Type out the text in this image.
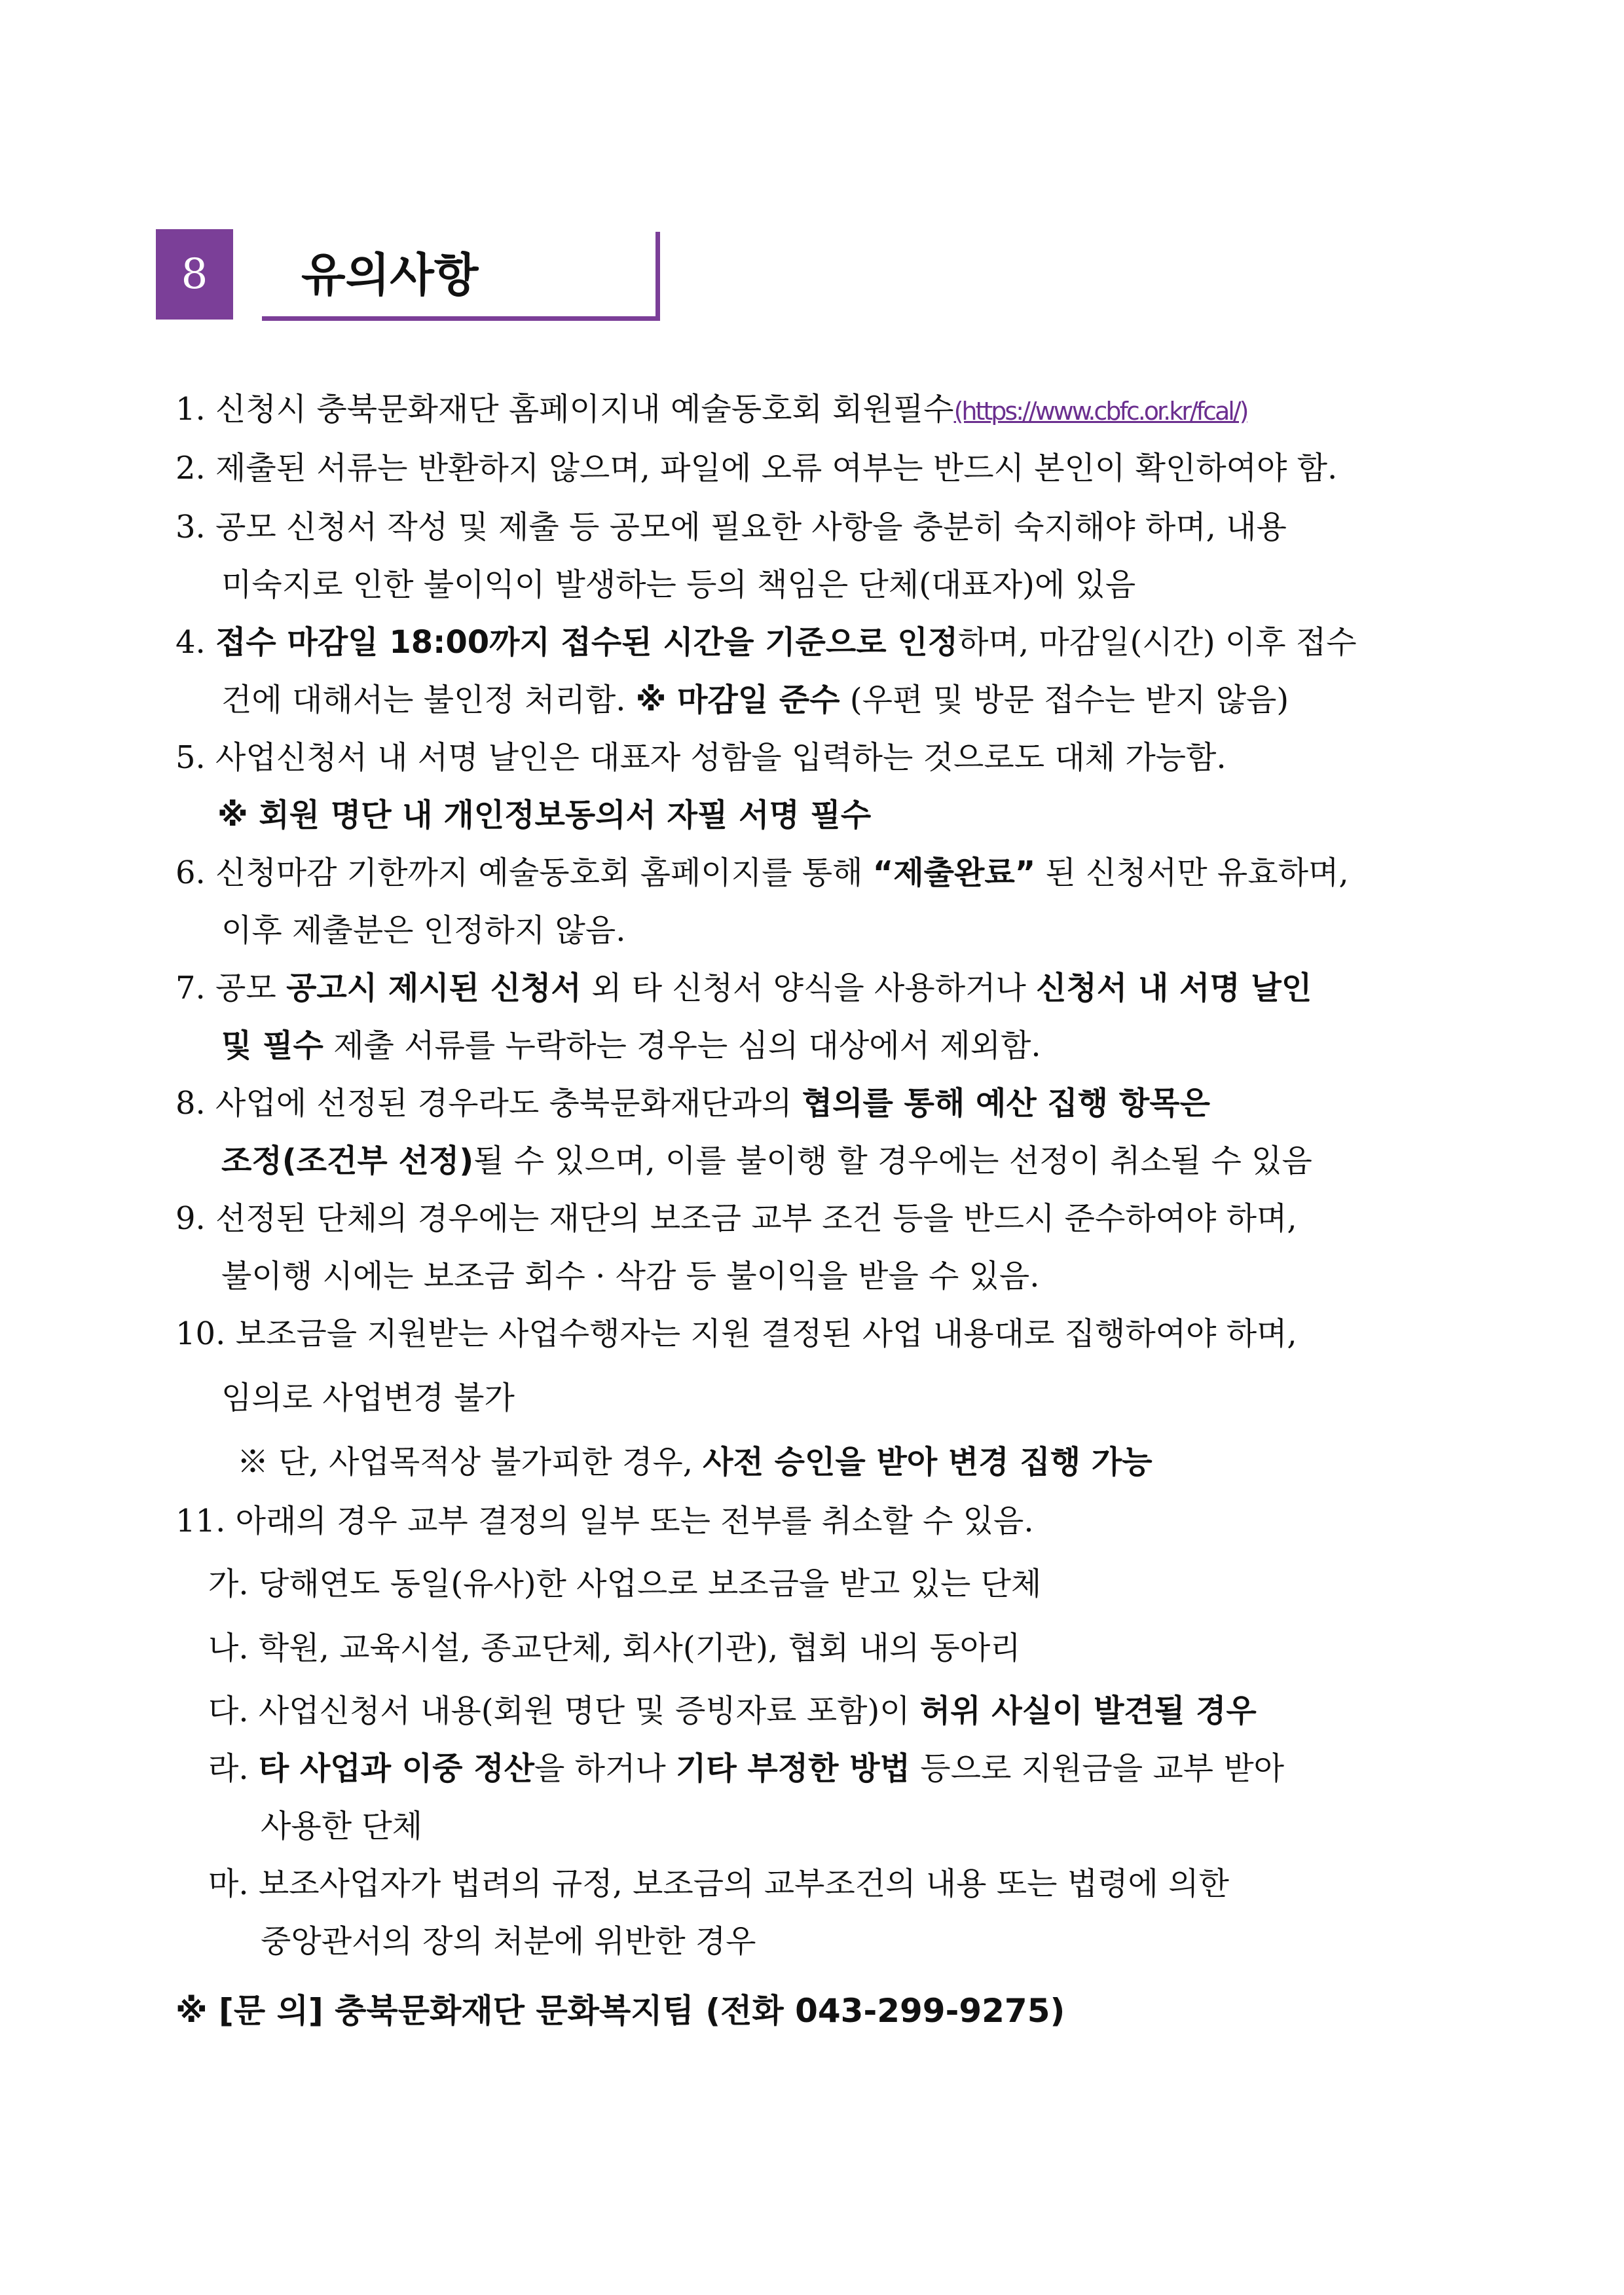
8 유의사항
1. 신청시 충북문화재단 홈페이지내 예술동호회 회원필수(https://www.cbfc.or.kr/fcal/)
2. 제출된 서류는 반환하지 않으며, 파일에 오류 여부는 반드시 본인이 확인하여야 함.
3. 공모 신청서 작성 및 제출 등 공모에 필요한 사항을 충분히 숙지해야 하며, 내용
미숙지로 인한 불이익이 발생하는 등의 책임은 단체(대표자)에 있음
4. 접수 마감일 18:00까지 접수된 시간을 기준으로 인정하며, 마감일(시간) 이후 접수
건에 대해서는 불인정 처리함. ※ 마감일 준수 (우편 및 방문 접수는 받지 않음)
5. 사업신청서 내 서명 날인은 대표자 성함을 입력하는 것으로도 대체 가능함.
※ 회원 명단 내 개인정보동의서 자필 서명 필수
6. 신청마감 기한까지 예술동호회 홈페이지를 통해 “제출완료” 된 신청서만 유효하며,
이후 제출분은 인정하지 않음.
7. 공모 공고시 제시된 신청서 외 타 신청서 양식을 사용하거나 신청서 내 서명 날인
및 필수 제출 서류를 누락하는 경우는 심의 대상에서 제외함.
8. 사업에 선정된 경우라도 충북문화재단과의 협의를 통해 예산 집행 항목은
조정(조건부 선정)될 수 있으며, 이를 불이행 할 경우에는 선정이 취소될 수 있음
9. 선정된 단체의 경우에는 재단의 보조금 교부 조건 등을 반드시 준수하여야 하며,
불이행 시에는 보조금 회수 · 삭감 등 불이익을 받을 수 있음.
10. 보조금을 지원받는 사업수행자는 지원 결정된 사업 내용대로 집행하여야 하며,
임의로 사업변경 불가
※ 단, 사업목적상 불가피한 경우, 사전 승인을 받아 변경 집행 가능
11. 아래의 경우 교부 결정의 일부 또는 전부를 취소할 수 있음.
가. 당해연도 동일(유사)한 사업으로 보조금을 받고 있는 단체
나. 학원, 교육시설, 종교단체, 회사(기관), 협회 내의 동아리
다. 사업신청서 내용(회원 명단 및 증빙자료 포함)이 허위 사실이 발견될 경우
라. 타 사업과 이중 정산을 하거나 기타 부정한 방법 등으로 지원금을 교부 받아
사용한 단체
마. 보조사업자가 법려의 규정, 보조금의 교부조건의 내용 또는 법령에 의한
중앙관서의 장의 처분에 위반한 경우
※ [문 의] 충북문화재단 문화복지팀 (전화 043-299-9275)
